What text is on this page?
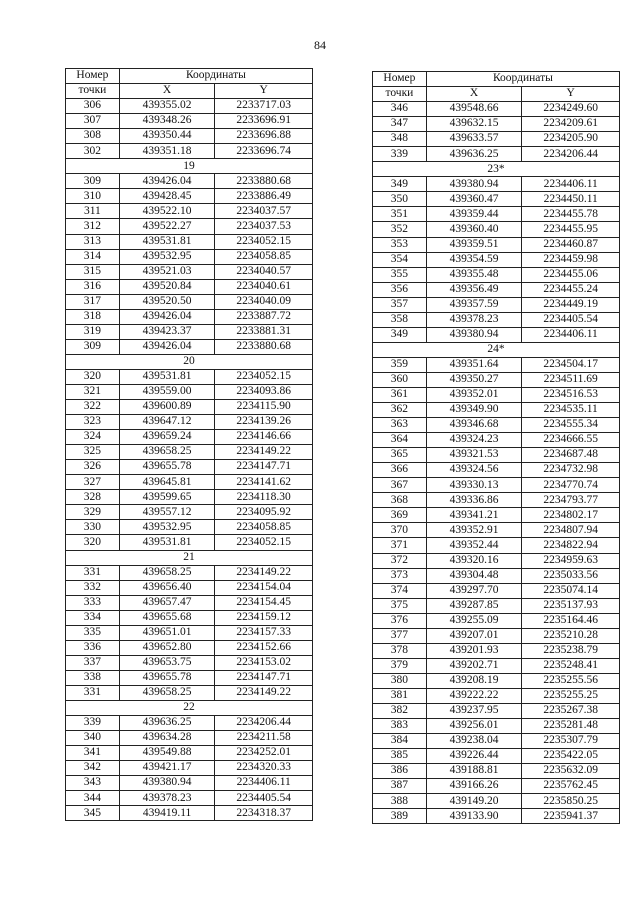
84
Номер	Координаты	
точки	X	Y
306	439355.02	2233717.03
307	439348.26	2233696.91
308	439350.44	2233696.88
302	439351.18	2233696.74
19		
309	439426.04	2233880.68
310	439428.45	2233886.49
311	439522.10	2234037.57
312	439522.27	2234037.53
313	439531.81	2234052.15
314	439532.95	2234058.85
315	439521.03	2234040.57
316	439520.84	2234040.61
317	439520.50	2234040.09
318	439426.04	2233887.72
319	439423.37	2233881.31
309	439426.04	2233880.68
20		
320	439531.81	2234052.15
321	439559.00	2234093.86
322	439600.89	2234115.90
323	439647.12	2234139.26
324	439659.24	2234146.66
325	439658.25	2234149.22
326	439655.78	2234147.71
327	439645.81	2234141.62
328	439599.65	2234118.30
329	439557.12	2234095.92
330	439532.95	2234058.85
320	439531.81	2234052.15
21		
331	439658.25	2234149.22
332	439656.40	2234154.04
333	439657.47	2234154.45
334	439655.68	2234159.12
335	439651.01	2234157.33
336	439652.80	2234152.66
337	439653.75	2234153.02
338	439655.78	2234147.71
331	439658.25	2234149.22
22		
339	439636.25	2234206.44
340	439634.28	2234211.58
341	439549.88	2234252.01
342	439421.17	2234320.33
343	439380.94	2234406.11
344	439378.23	2234405.54
345	439419.11	2234318.37
Номер	Координаты	
точки	X	Y
346	439548.66	2234249.60
347	439632.15	2234209.61
348	439633.57	2234205.90
339	439636.25	2234206.44
23*		
349	439380.94	2234406.11
350	439360.47	2234450.11
351	439359.44	2234455.78
352	439360.40	2234455.95
353	439359.51	2234460.87
354	439354.59	2234459.98
355	439355.48	2234455.06
356	439356.49	2234455.24
357	439357.59	2234449.19
358	439378.23	2234405.54
349	439380.94	2234406.11
24*		
359	439351.64	2234504.17
360	439350.27	2234511.69
361	439352.01	2234516.53
362	439349.90	2234535.11
363	439346.68	2234555.34
364	439324.23	2234666.55
365	439321.53	2234687.48
366	439324.56	2234732.98
367	439330.13	2234770.74
368	439336.86	2234793.77
369	439341.21	2234802.17
370	439352.91	2234807.94
371	439352.44	2234822.94
372	439320.16	2234959.63
373	439304.48	2235033.56
374	439297.70	2235074.14
375	439287.85	2235137.93
376	439255.09	2235164.46
377	439207.01	2235210.28
378	439201.93	2235238.79
379	439202.71	2235248.41
380	439208.19	2235255.56
381	439222.22	2235255.25
382	439237.95	2235267.38
383	439256.01	2235281.48
384	439238.04	2235307.79
385	439226.44	2235422.05
386	439188.81	2235632.09
387	439166.26	2235762.45
388	439149.20	2235850.25
389	439133.90	2235941.37
